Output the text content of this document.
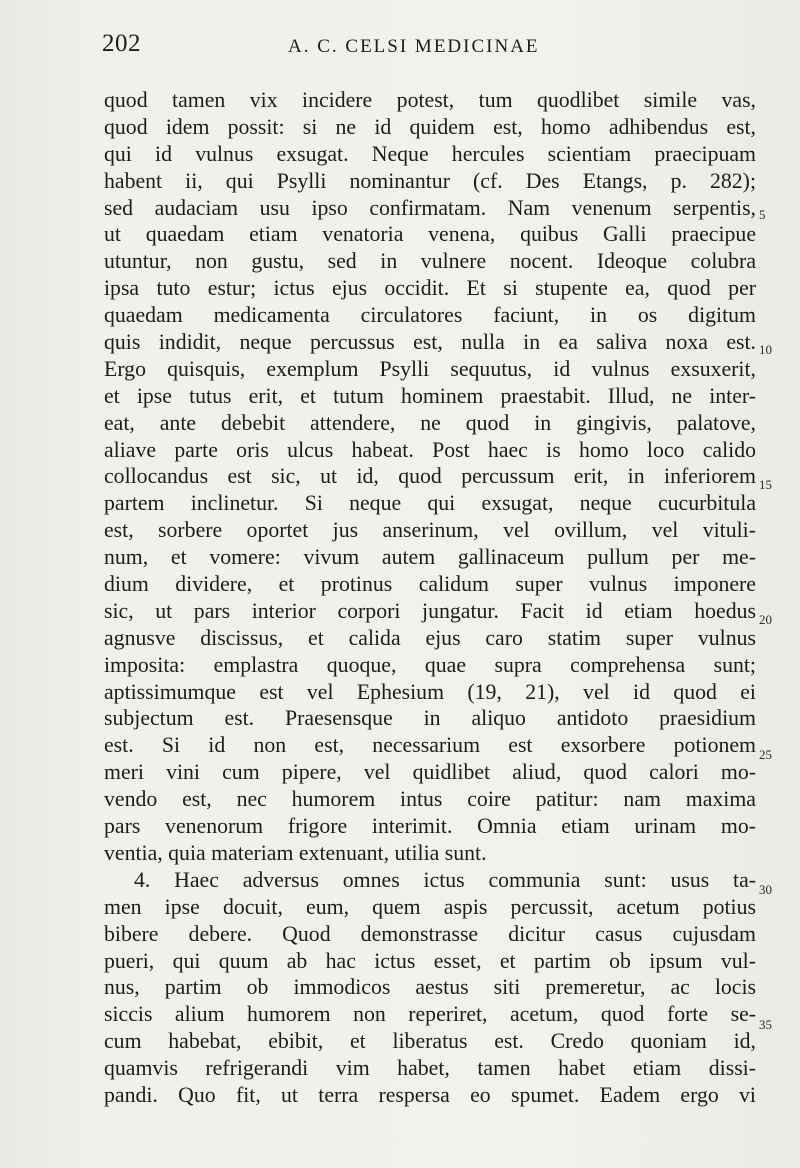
202	A. C. CELSI MEDICINAE
quod tamen vix incidere potest, tum quodlibet simile vas,
quod idem possit: si ne id quidem est, homo adhibendus est,
qui id vulnus exsugat. Neque hercules scientiam praecipuam
habent ii, qui Psylli nominantur (cf. Des Etangs, p. 282);
sed audaciam usu ipso confirmatam. Nam venenum serpentis,
ut quaedam etiam venatoria venena, quibus Galli praecipue
utuntur, non gustu, sed in vulnere nocent. Ideoque colubra
ipsa tuto estur; ictus ejus occidit. Et si stupente ea, quod per
quaedam medicamenta circulatores faciunt, in os digitum
quis indidit, neque percussus est, nulla in ea saliva noxa est.
Ergo quisquis, exemplum Psylli sequutus, id vulnus exsuxerit,
et ipse tutus erit, et tutum hominem praestabit. Illud, ne inter-
eat, ante debebit attendere, ne quod in gingivis, palatove,
aliave parte oris ulcus habeat. Post haec is homo loco calido
collocandus est sic, ut id, quod percussum erit, in inferiorem
partem inclinetur. Si neque qui exsugat, neque cucurbitula
est, sorbere oportet jus anserinum, vel ovillum, vel vituli-
num, et vomere: vivum autem gallinaceum pullum per me-
dium dividere, et protinus calidum super vulnus imponere
sic, ut pars interior corpori jungatur. Facit id etiam hoedus
agnusve discissus, et calida ejus caro statim super vulnus
imposita: emplastra quoque, quae supra comprehensa sunt;
aptissimumque est vel Ephesium (19, 21), vel id quod ei
subjectum est. Praesensque in aliquo antidoto praesidium
est. Si id non est, necessarium est exsorbere potionem
meri vini cum pipere, vel quidlibet aliud, quod calori mo-
vendo est, nec humorem intus coire patitur: nam maxima
pars venenorum frigore interimit. Omnia etiam urinam mo-
ventia, quia materiam extenuant, utilia sunt.
4. Haec adversus omnes ictus communia sunt: usus ta-
men ipse docuit, eum, quem aspis percussit, acetum potius
bibere debere. Quod demonstrasse dicitur casus cujusdam
pueri, qui quum ab hac ictus esset, et partim ob ipsum vul-
nus, partim ob immodicos aestus siti premeretur, ac locis
siccis alium humorem non reperiret, acetum, quod forte se-
cum habebat, ebibit, et liberatus est. Credo quoniam id,
quamvis refrigerandi vim habet, tamen habet etiam dissi-
pandi. Quo fit, ut terra respersa eo spumet. Eadem ergo vi
5
10
15
20
25
30
35
